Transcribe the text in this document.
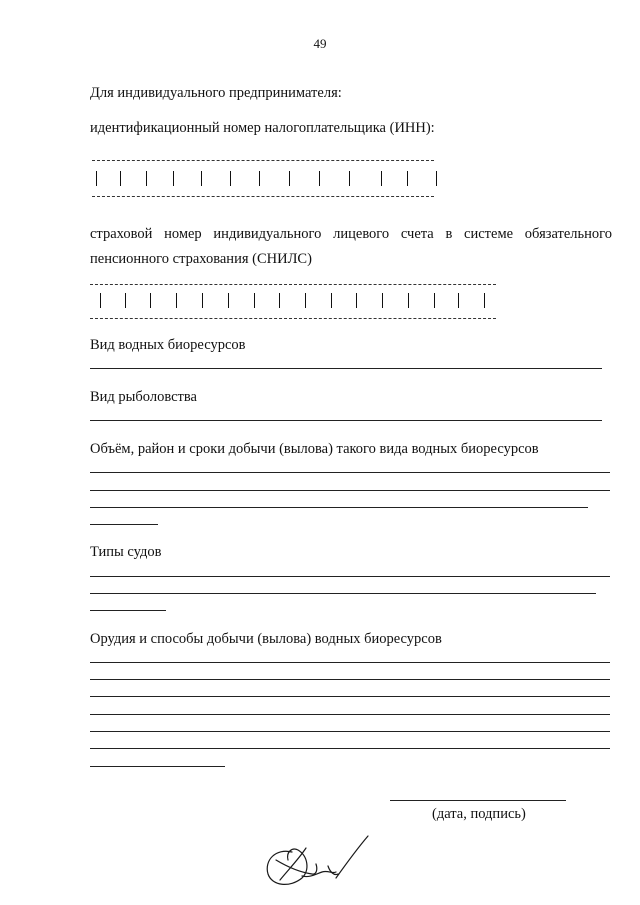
49
Для индивидуального предпринимателя:
идентификационный номер налогоплательщика (ИНН):
страховой номер индивидуального лицевого счета в системе обязательного
пенсионного страхования (СНИЛС)
Вид водных биоресурсов
Вид рыболовства
Объём, район и сроки добычи (вылова) такого вида водных биоресурсов
Типы судов
Орудия и способы добычи (вылова) водных биоресурсов
(дата, подпись)
